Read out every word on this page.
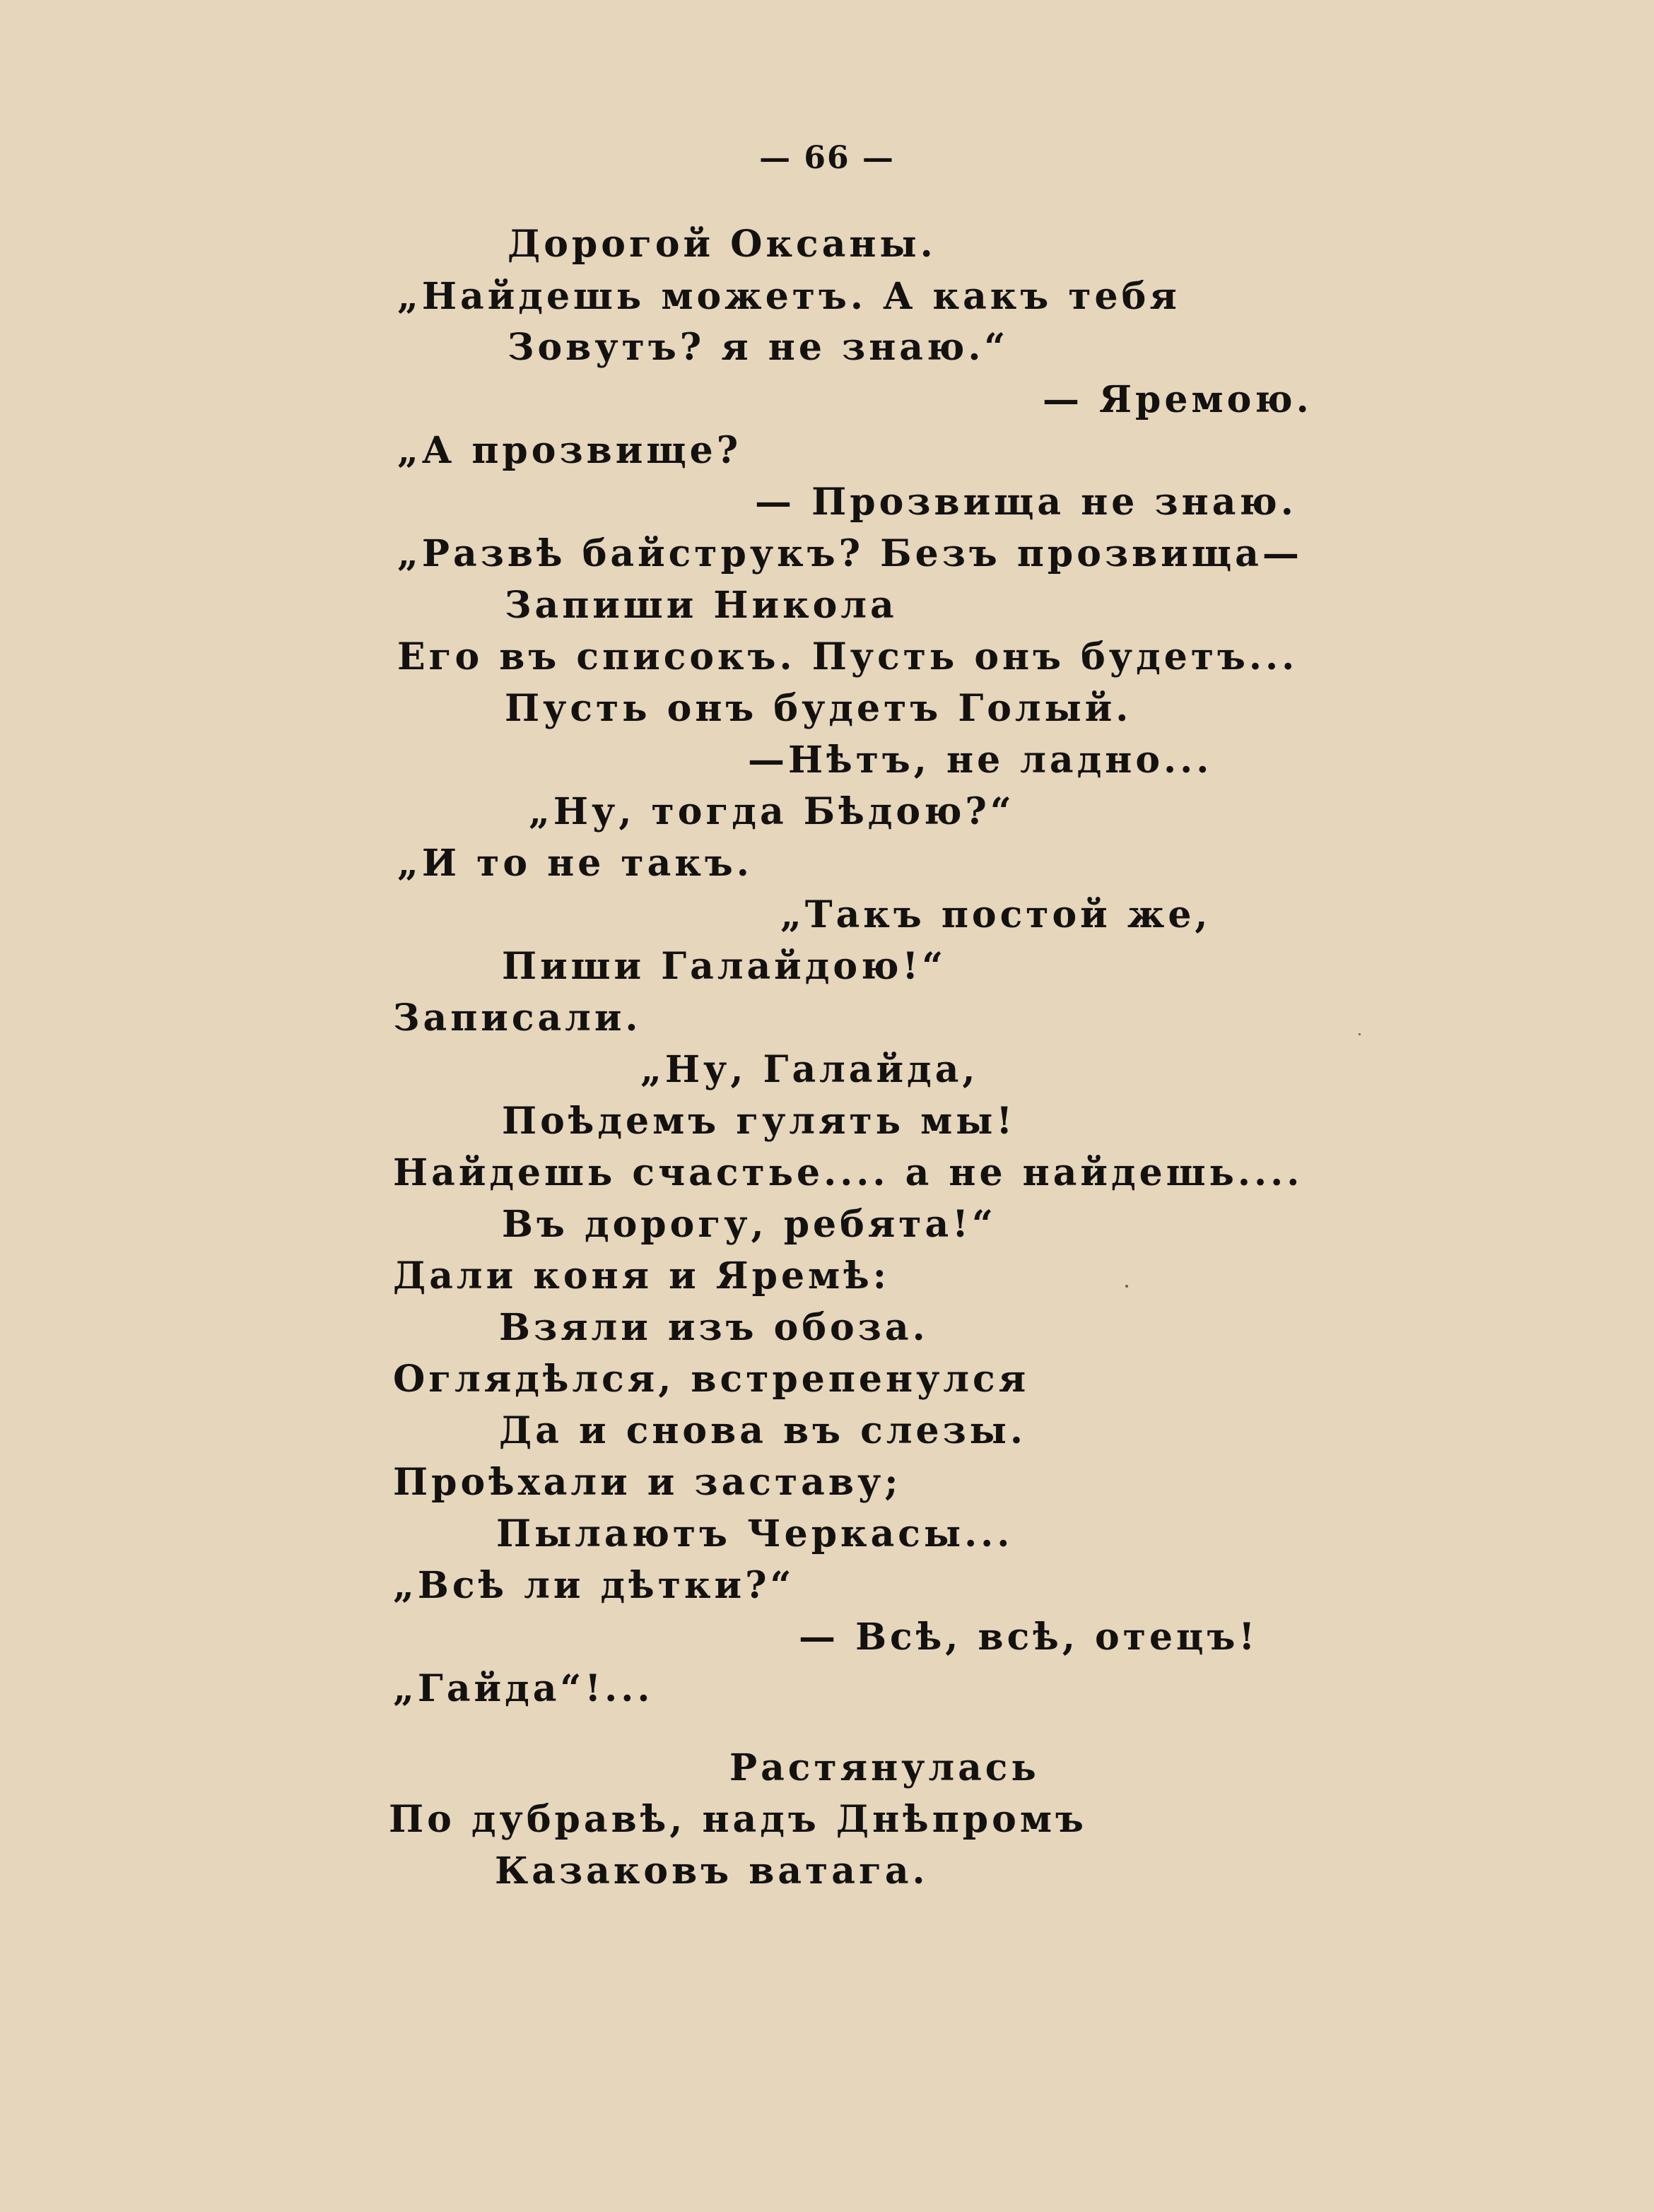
— 66 —
Дорогой Оксаны.
„Найдешь можетъ. А какъ тебя
Зовутъ? я не знаю.“
— Яремою.
„А прозвище?
— Прозвища не знаю.
„Развѣ байструкъ? Безъ прозвища—
Запиши Никола
Его въ списокъ. Пусть онъ будетъ...
Пусть онъ будетъ Голый.
—Нѣтъ, не ладно...
„Ну, тогда Бѣдою?“
„И то не такъ.
„Такъ постой же,
Пиши Галайдою!“
Записали.
„Ну, Галайда,
Поѣдемъ гулять мы!
Найдешь счастье.... а не найдешь....
Въ дорогу, ребята!“
Дали коня и Яремѣ:
Взяли изъ обоза.
Оглядѣлся, встрепенулся
Да и снова въ слезы.
Проѣхали и заставу;
Пылаютъ Черкасы...
„Всѣ ли дѣтки?“
— Всѣ, всѣ, отецъ!
„Гайда“!...
Растянулась
По дубравѣ, надъ Днѣпромъ
Казаковъ ватага.
